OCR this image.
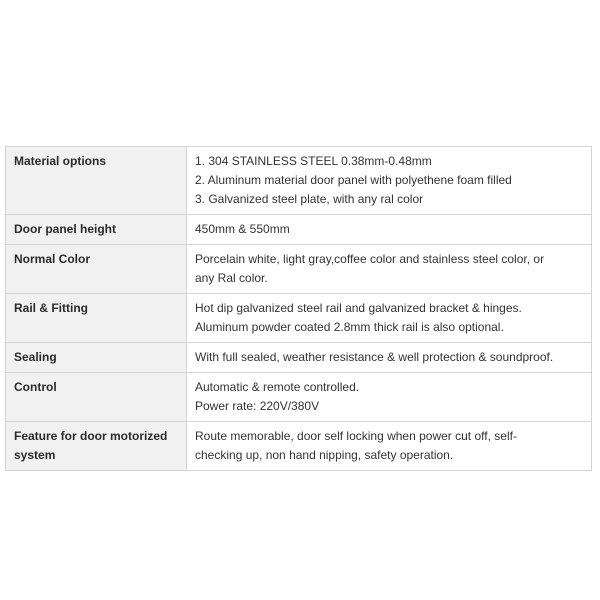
Material options	1. 304 STAINLESS STEEL 0.38mm-0.48mm
2. Aluminum material door panel with polyethene foam filled
3. Galvanized steel plate, with any ral color

Door panel height	450mm & 550mm

Normal Color	Porcelain white, light gray,coffee color and stainless steel color, or
any Ral color.

Rail & Fitting	Hot dip galvanized steel rail and galvanized bracket & hinges.
Aluminum powder coated 2.8mm thick rail is also optional.

Sealing	With full sealed, weather resistance & well protection & soundproof.

Control	Automatic & remote controlled.
Power rate: 220V/380V

Feature for door motorized system	Route memorable, door self locking when power cut off, self-
checking up, non hand nipping, safety operation.
